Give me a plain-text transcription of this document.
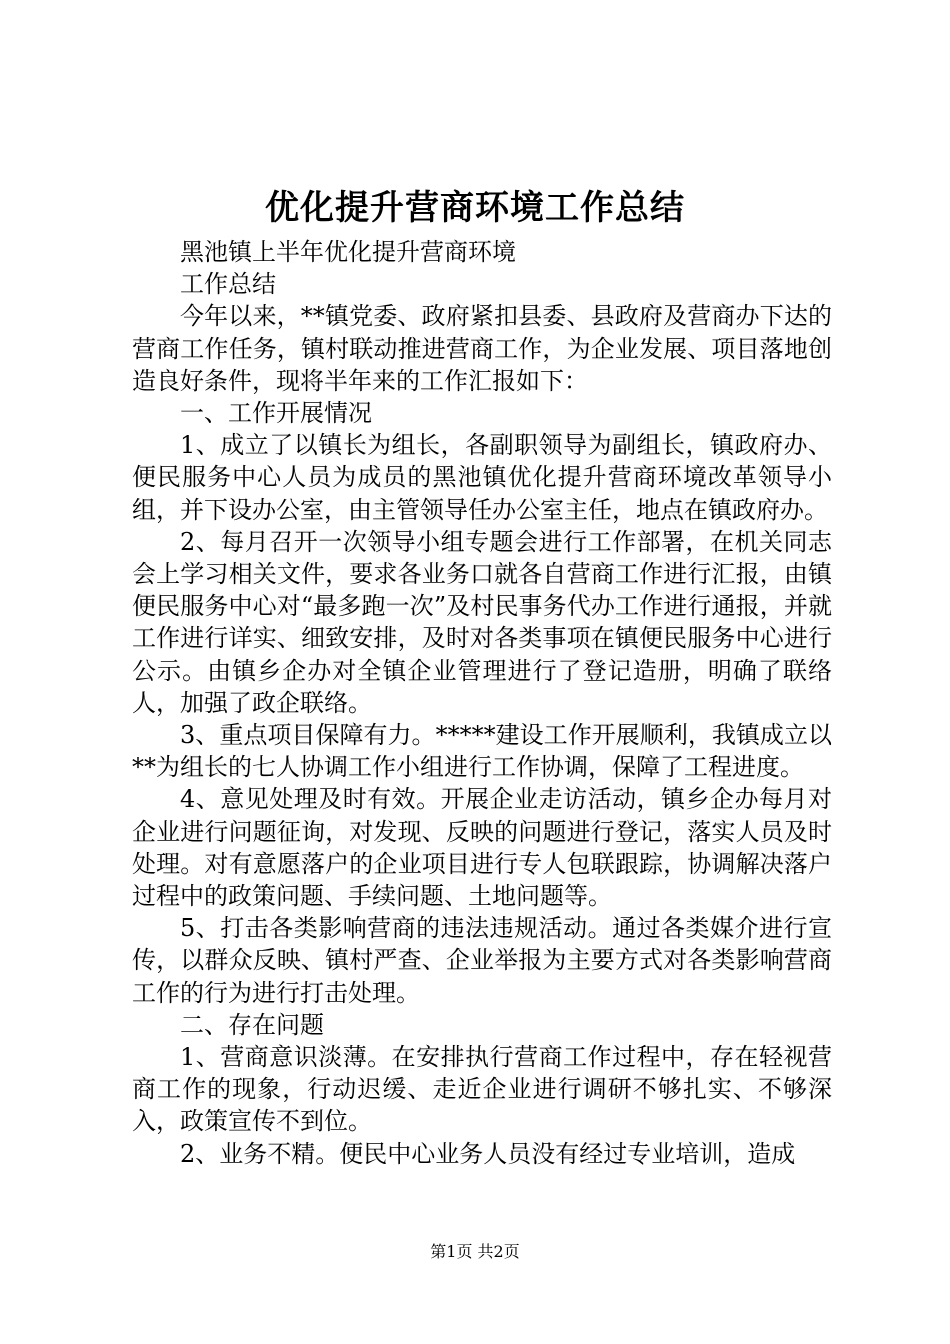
优化提升营商环境工作总结

黑池镇上半年优化提升营商环境

工作总结

今年以来，**镇党委、政府紧扣县委、县政府及营商办下达的营商工作任务，镇村联动推进营商工作，为企业发展、项目落地创造良好条件，现将半年来的工作汇报如下：

一、工作开展情况

1、成立了以镇长为组长，各副职领导为副组长，镇政府办、便民服务中心人员为成员的黑池镇优化提升营商环境改革领导小组，并下设办公室，由主管领导任办公室主任，地点在镇政府办。

2、每月召开一次领导小组专题会进行工作部署，在机关同志会上学习相关文件，要求各业务口就各自营商工作进行汇报，由镇便民服务中心对“最多跑一次”及村民事务代办工作进行通报，并就工作进行详实、细致安排，及时对各类事项在镇便民服务中心进行公示。由镇乡企办对全镇企业管理进行了登记造册，明确了联络人，加强了政企联络。

3、重点项目保障有力。*****建设工作开展顺利，我镇成立以**为组长的七人协调工作小组进行工作协调，保障了工程进度。

4、意见处理及时有效。开展企业走访活动，镇乡企办每月对企业进行问题征询，对发现、反映的问题进行登记，落实人员及时处理。对有意愿落户的企业项目进行专人包联跟踪，协调解决落户过程中的政策问题、手续问题、土地问题等。

5、打击各类影响营商的违法违规活动。通过各类媒介进行宣传，以群众反映、镇村严查、企业举报为主要方式对各类影响营商工作的行为进行打击处理。

二、存在问题

1、营商意识淡薄。在安排执行营商工作过程中，存在轻视营商工作的现象，行动迟缓、走近企业进行调研不够扎实、不够深入，政策宣传不到位。

2、业务不精。便民中心业务人员没有经过专业培训，造成

第1页 共2页
